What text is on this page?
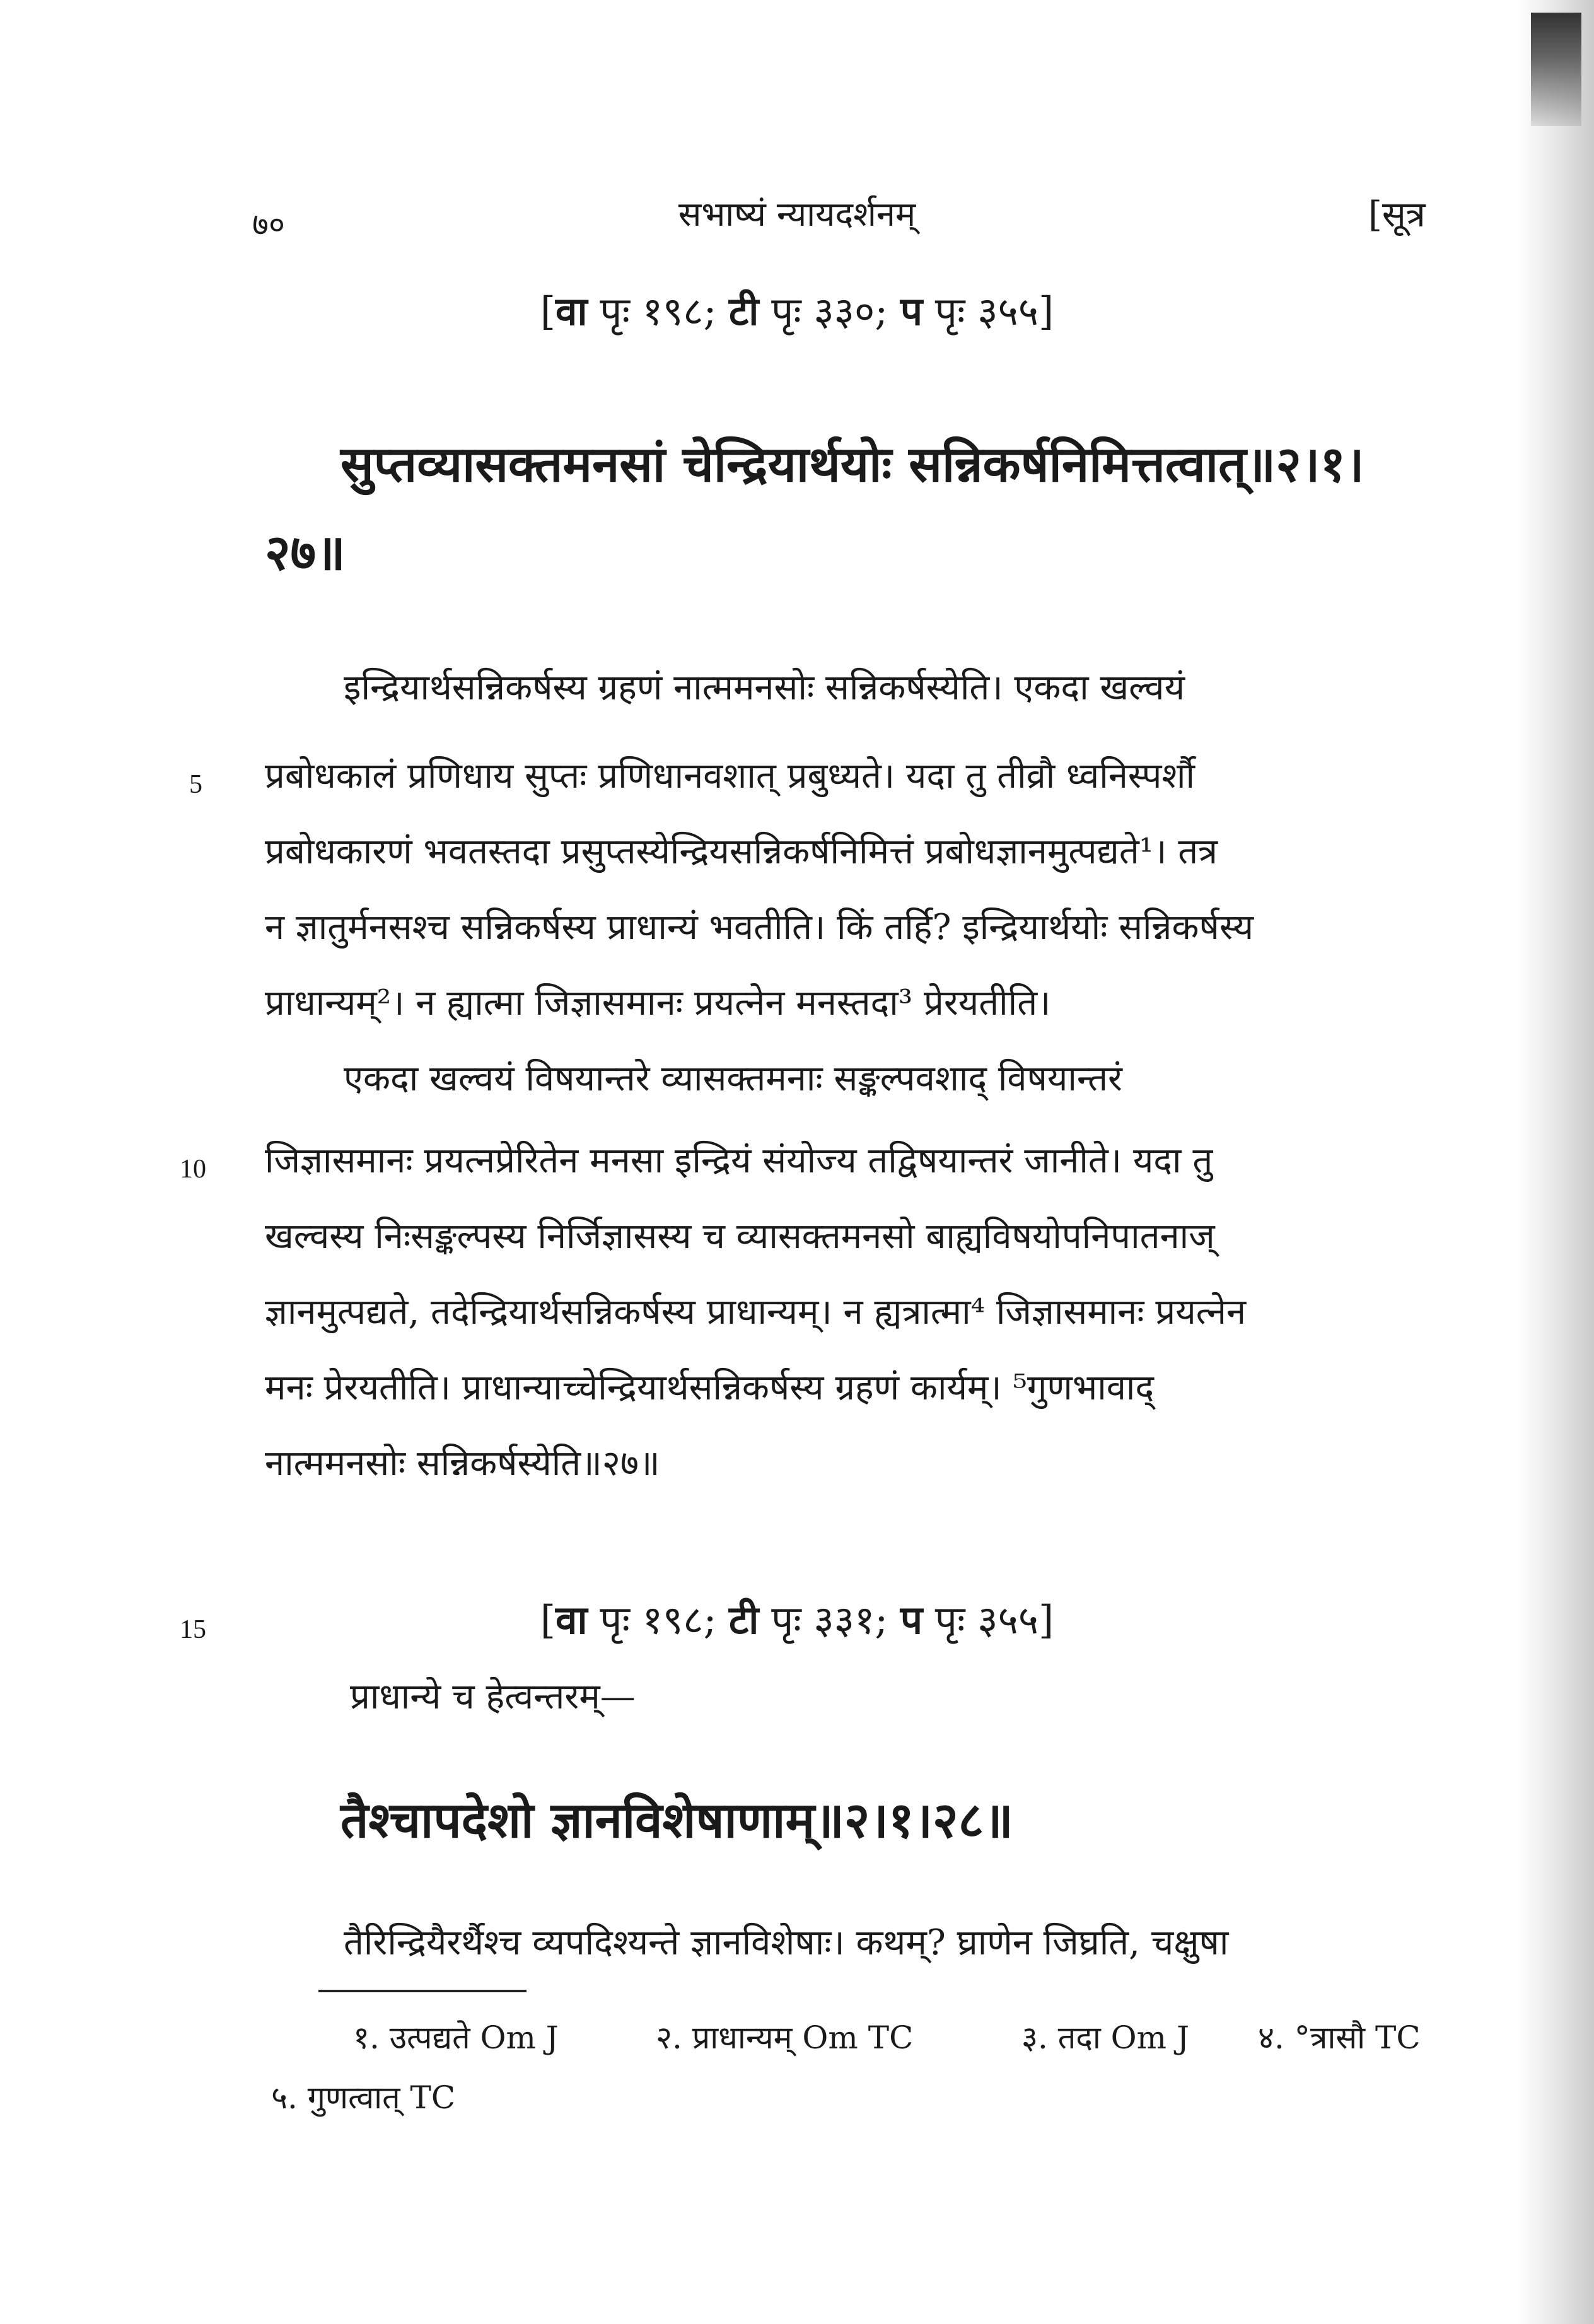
७०	सभाष्यं न्यायदर्शनम्	[सूत्र
[वा पृः १९८; टी पृः ३३०; प पृः ३५५]
सुप्तव्यासक्तमनसां चेन्द्रियार्थयोः सन्निकर्षनिमित्तत्वात्॥२।१।
२७॥
इन्द्रियार्थसन्निकर्षस्य ग्रहणं नात्ममनसोः सन्निकर्षस्येति। एकदा खल्वयं
प्रबोधकालं प्रणिधाय सुप्तः प्रणिधानवशात् प्रबुध्यते। यदा तु तीव्रौ ध्वनिस्पर्शौ
प्रबोधकारणं भवतस्तदा प्रसुप्तस्येन्द्रियसन्निकर्षनिमित्तं प्रबोधज्ञानमुत्पद्यते¹। तत्र
न ज्ञातुर्मनसश्च सन्निकर्षस्य प्राधान्यं भवतीति। किं तर्हि? इन्द्रियार्थयोः सन्निकर्षस्य
प्राधान्यम्²। न ह्यात्मा जिज्ञासमानः प्रयत्नेन मनस्तदा³ प्रेरयतीति।
एकदा खल्वयं विषयान्तरे व्यासक्तमनाः सङ्कल्पवशाद् विषयान्तरं
जिज्ञासमानः प्रयत्नप्रेरितेन मनसा इन्द्रियं संयोज्य तद्विषयान्तरं जानीते। यदा तु
खल्वस्य निःसङ्कल्पस्य निर्जिज्ञासस्य च व्यासक्तमनसो बाह्यविषयोपनिपातनाज्
ज्ञानमुत्पद्यते, तदेन्द्रियार्थसन्निकर्षस्य प्राधान्यम्। न ह्यत्रात्मा⁴ जिज्ञासमानः प्रयत्नेन
मनः प्रेरयतीति। प्राधान्याच्चेन्द्रियार्थसन्निकर्षस्य ग्रहणं कार्यम्। ⁵गुणभावाद्
नात्ममनसोः सन्निकर्षस्येति॥२७॥
5
10
15	[वा पृः १९८; टी पृः ३३१; प पृः ३५५]
प्राधान्ये च हेत्वन्तरम्—
तैश्चापदेशो ज्ञानविशेषाणाम्॥२।१।२८॥
तैरिन्द्रियैरर्थैश्च व्यपदिश्यन्ते ज्ञानविशेषाः। कथम्? घ्राणेन जिघ्रति, चक्षुषा
१. उत्पद्यते Om J	२. प्राधान्यम् Om TC	३. तदा Om J ४. °त्रासौ TC
५. गुणत्वात् TC
